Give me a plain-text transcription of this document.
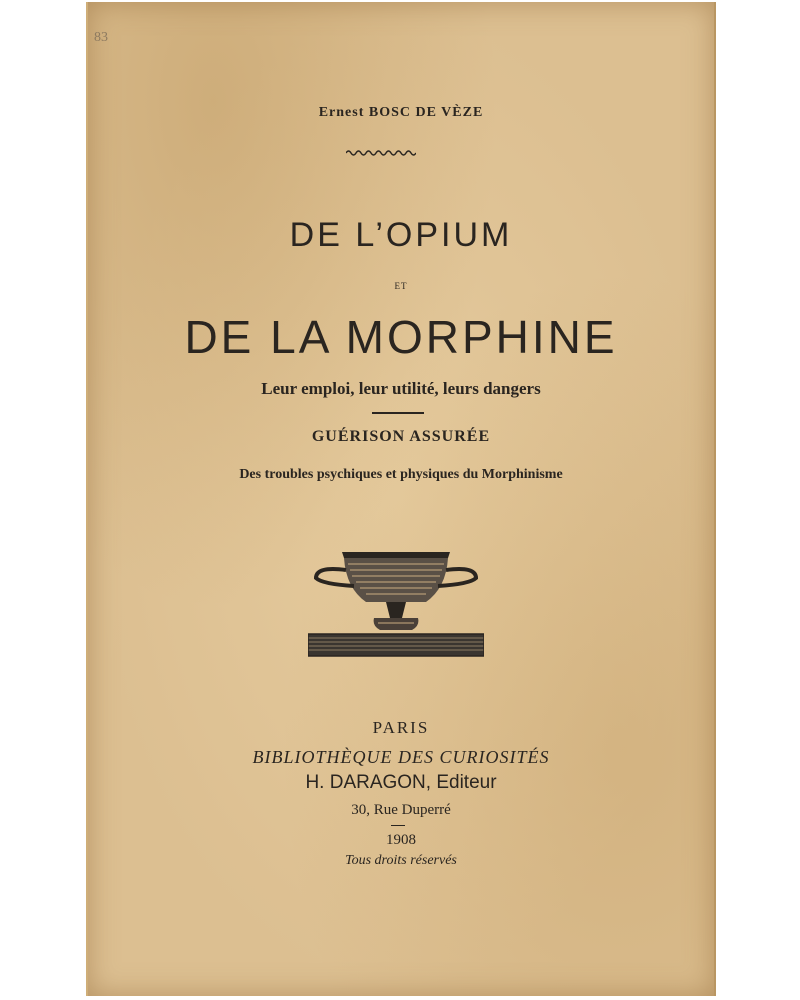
83
Ernest BOSC DE VÈZE
DE L’OPIUM
ET
DE LA MORPHINE
Leur emploi, leur utilité, leurs dangers
GUÉRISON ASSURÉE
Des troubles psychiques et physiques du Morphinisme
PARIS
BIBLIOTHÈQUE DES CURIOSITÉS
H. DARAGON, Editeur
30, Rue Duperré
1908
Tous droits réservés
